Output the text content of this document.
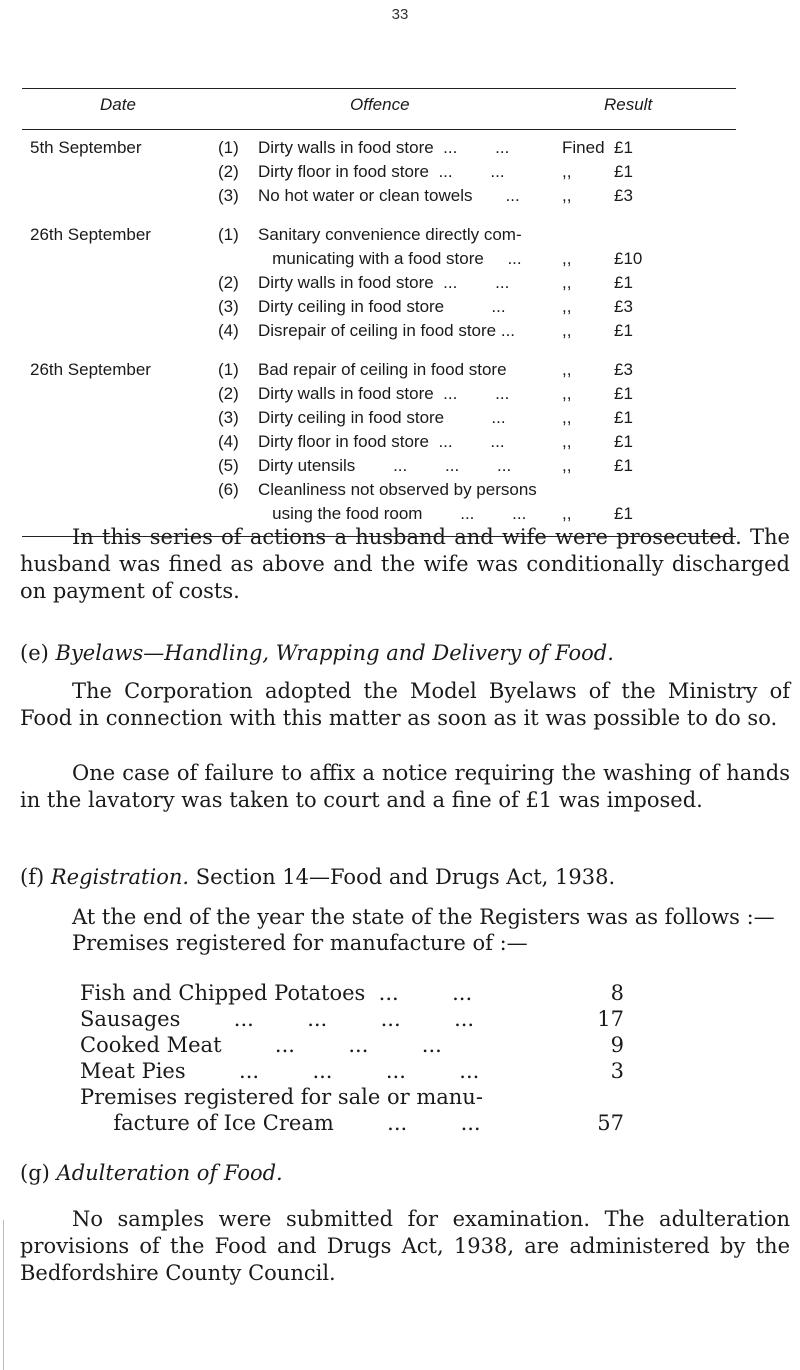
33
Date	Offence	Result
5th September	(1) Dirty walls in food store  ...        ...	Fined £1
(2) Dirty floor in food store  ...        ...	,,	£1
(3) No hot water or clean towels       ... ,,	£3
26th September	(1) Sanitary convenience directly com-
municating with a food store     ... ,,	£10
(2) Dirty walls in food store  ...        ...	,,	£1
(3) Dirty ceiling in food store          ...	,,	£3
(4) Disrepair of ceiling in food store ...	,,	£1
26th September	(1) Bad repair of ceiling in food store	,,	£3
(2) Dirty walls in food store  ...        ...	,,	£1
(3) Dirty ceiling in food store          ...	,,	£1
(4) Dirty floor in food store  ...        ...	,,	£1
(5) Dirty utensils        ...        ...        ...	,,	£1
(6) Cleanliness not observed by persons
using the food room        ...        ... ,,	£1

In this series of actions a husband and wife were prosecuted. The husband was fined as above and the wife was conditionally discharged on payment of costs.

(e) Byelaws—Handling, Wrapping and Delivery of Food.

The Corporation adopted the Model Byelaws of the Ministry of Food in connection with this matter as soon as it was possible to do so.

One case of failure to affix a notice requiring the washing of hands in the lavatory was taken to court and a fine of £1 was imposed.

(f) Registration. Section 14—Food and Drugs Act, 1938.

At the end of the year the state of the Registers was as follows :—

Premises registered for manufacture of :—

Fish and Chipped Potatoes  ...        ...	8
Sausages        ...        ...        ...        ...	17
Cooked Meat        ...        ...        ...	9
Meat Pies        ...        ...        ...        ...	3
Premises registered for sale or manu-
facture of Ice Cream        ...        ...	57
(g) Adulteration of Food.

No samples were submitted for examination. The adulteration provisions of the Food and Drugs Act, 1938, are administered by the Bedfordshire County Council.
